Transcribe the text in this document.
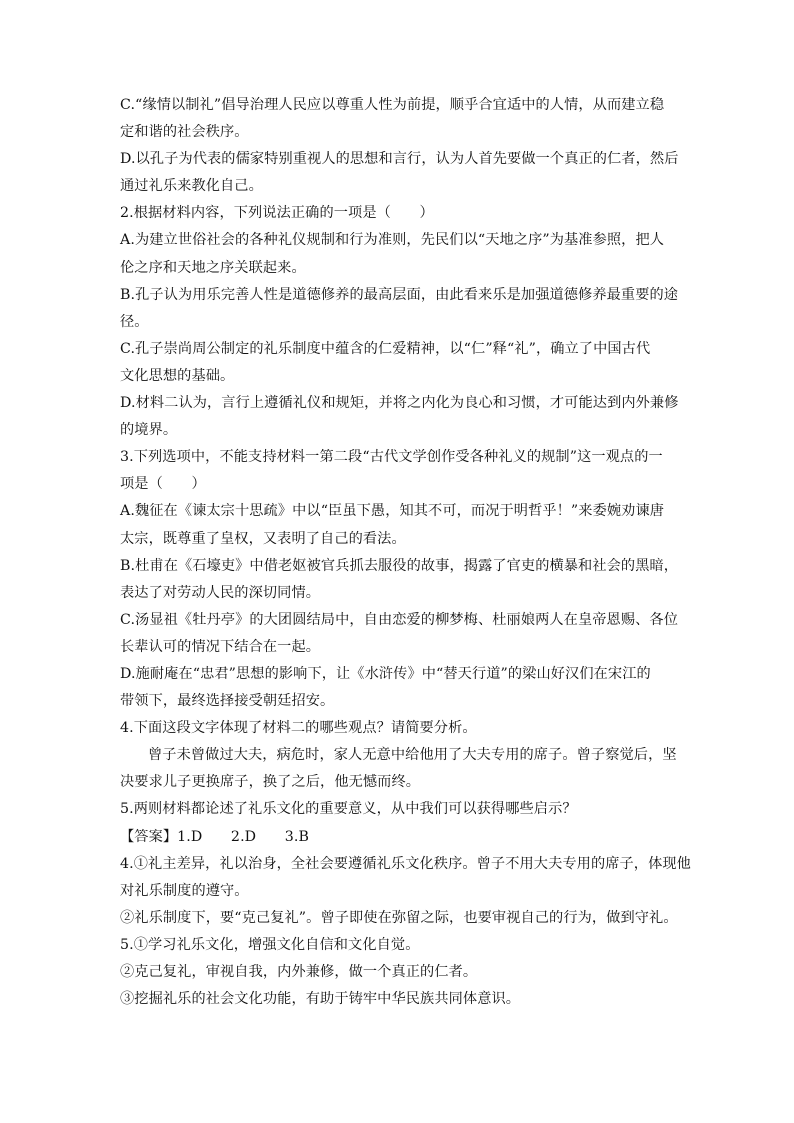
C.“缘情以制礼”倡导治理人民应以尊重人性为前提，顺乎合宜适中的人情，从而建立稳
定和谐的社会秩序。
D.以孔子为代表的儒家特别重视人的思想和言行，认为人首先要做一个真正的仁者，然后
通过礼乐来教化自己。
2.根据材料内容，下列说法正确的一项是（　　）
A.为建立世俗社会的各种礼仪规制和行为准则，先民们以“天地之序”为基准参照，把人
伦之序和天地之序关联起来。
B.孔子认为用乐完善人性是道德修养的最高层面，由此看来乐是加强道德修养最重要的途
径。
C.孔子崇尚周公制定的礼乐制度中蕴含的仁爱精神，以“仁”释“礼”，确立了中国古代
文化思想的基础。
D.材料二认为，言行上遵循礼仪和规矩，并将之内化为良心和习惯，才可能达到内外兼修
的境界。
3.下列选项中，不能支持材料一第二段“古代文学创作受各种礼义的规制”这一观点的一
项是（　　）
A.魏征在《谏太宗十思疏》中以“臣虽下愚，知其不可，而况于明哲乎！”来委婉劝谏唐
太宗，既尊重了皇权，又表明了自己的看法。
B.杜甫在《石壕吏》中借老妪被官兵抓去服役的故事，揭露了官吏的横暴和社会的黑暗，
表达了对劳动人民的深切同情。
C.汤显祖《牡丹亭》的大团圆结局中，自由恋爱的柳梦梅、杜丽娘两人在皇帝恩赐、各位
长辈认可的情况下结合在一起。
D.施耐庵在“忠君”思想的影响下，让《水浒传》中“替天行道”的梁山好汉们在宋江的
带领下，最终选择接受朝廷招安。
4.下面这段文字体现了材料二的哪些观点？请简要分析。
曾子未曾做过大夫，病危时，家人无意中给他用了大夫专用的席子。曾子察觉后，坚
决要求儿子更换席子，换了之后，他无憾而终。
5.两则材料都论述了礼乐文化的重要意义，从中我们可以获得哪些启示？
【答案】1.D　　2.D　　3.B
4.①礼主差异，礼以治身，全社会要遵循礼乐文化秩序。曾子不用大夫专用的席子，体现他
对礼乐制度的遵守。
②礼乐制度下，要“克己复礼”。曾子即使在弥留之际，也要审视自己的行为，做到守礼。
5.①学习礼乐文化，增强文化自信和文化自觉。
②克己复礼，审视自我，内外兼修，做一个真正的仁者。
③挖掘礼乐的社会文化功能，有助于铸牢中华民族共同体意识。
